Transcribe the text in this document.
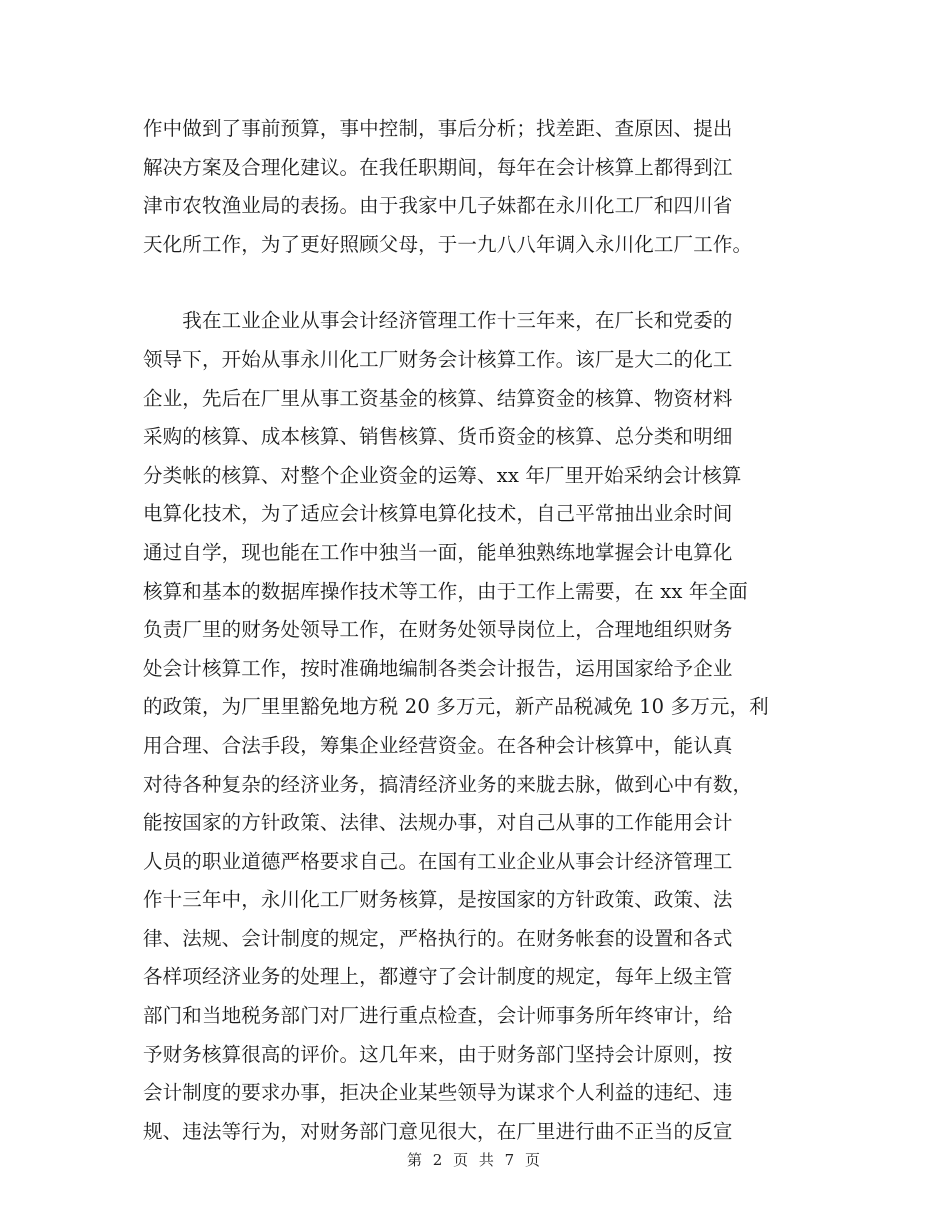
作中做到了事前预算，事中控制，事后分析；找差距、查原因、提出
解决方案及合理化建议。在我任职期间，每年在会计核算上都得到江
津市农牧渔业局的表扬。由于我家中几子妹都在永川化工厂和四川省
天化所工作，为了更好照顾父母，于一九八八年调入永川化工厂工作。
　　我在工业企业从事会计经济管理工作十三年来，在厂长和党委的
领导下，开始从事永川化工厂财务会计核算工作。该厂是大二的化工
企业，先后在厂里从事工资基金的核算、结算资金的核算、物资材料
采购的核算、成本核算、销售核算、货币资金的核算、总分类和明细
分类帐的核算、对整个企业资金的运筹、xx 年厂里开始采纳会计核算
电算化技术，为了适应会计核算电算化技术，自己平常抽出业余时间
通过自学，现也能在工作中独当一面，能单独熟练地掌握会计电算化
核算和基本的数据库操作技术等工作，由于工作上需要，在 xx 年全面
负责厂里的财务处领导工作，在财务处领导岗位上，合理地组织财务
处会计核算工作，按时准确地编制各类会计报告，运用国家给予企业
的政策，为厂里里豁免地方税 20 多万元，新产品税减免 10 多万元，利
用合理、合法手段，筹集企业经营资金。在各种会计核算中，能认真
对待各种复杂的经济业务，搞清经济业务的来胧去脉，做到心中有数，
能按国家的方针政策、法律、法规办事，对自己从事的工作能用会计
人员的职业道德严格要求自己。在国有工业企业从事会计经济管理工
作十三年中，永川化工厂财务核算，是按国家的方针政策、政策、法
律、法规、会计制度的规定，严格执行的。在财务帐套的设置和各式
各样项经济业务的处理上，都遵守了会计制度的规定，每年上级主管
部门和当地税务部门对厂进行重点检查，会计师事务所年终审计，给
予财务核算很高的评价。这几年来，由于财务部门坚持会计原则，按
会计制度的要求办事，拒决企业某些领导为谋求个人利益的违纪、违
规、违法等行为，对财务部门意见很大，在厂里进行曲不正当的反宣
第 2 页 共 7 页
